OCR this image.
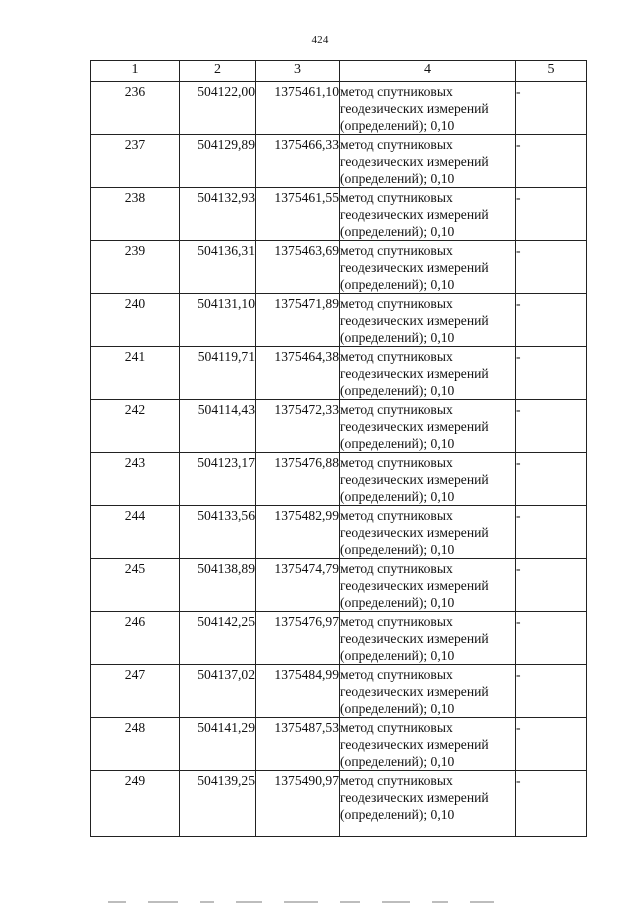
424
1	2	3	4	5
236	504122,00	1375461,10	метод спутниковых
геодезических измерений
(определений); 0,10	-
237	504129,89	1375466,33	метод спутниковых
геодезических измерений
(определений); 0,10	-
238	504132,93	1375461,55	метод спутниковых
геодезических измерений
(определений); 0,10	-
239	504136,31	1375463,69	метод спутниковых
геодезических измерений
(определений); 0,10	-
240	504131,10	1375471,89	метод спутниковых
геодезических измерений
(определений); 0,10	-
241	504119,71	1375464,38	метод спутниковых
геодезических измерений
(определений); 0,10	-
242	504114,43	1375472,33	метод спутниковых
геодезических измерений
(определений); 0,10	-
243	504123,17	1375476,88	метод спутниковых
геодезических измерений
(определений); 0,10	-
244	504133,56	1375482,99	метод спутниковых
геодезических измерений
(определений); 0,10	-
245	504138,89	1375474,79	метод спутниковых
геодезических измерений
(определений); 0,10	-
246	504142,25	1375476,97	метод спутниковых
геодезических измерений
(определений); 0,10	-
247	504137,02	1375484,99	метод спутниковых
геодезических измерений
(определений); 0,10	-
248	504141,29	1375487,53	метод спутниковых
геодезических измерений
(определений); 0,10	-
249	504139,25	1375490,97	метод спутниковых
геодезических измерений
(определений); 0,10	-
